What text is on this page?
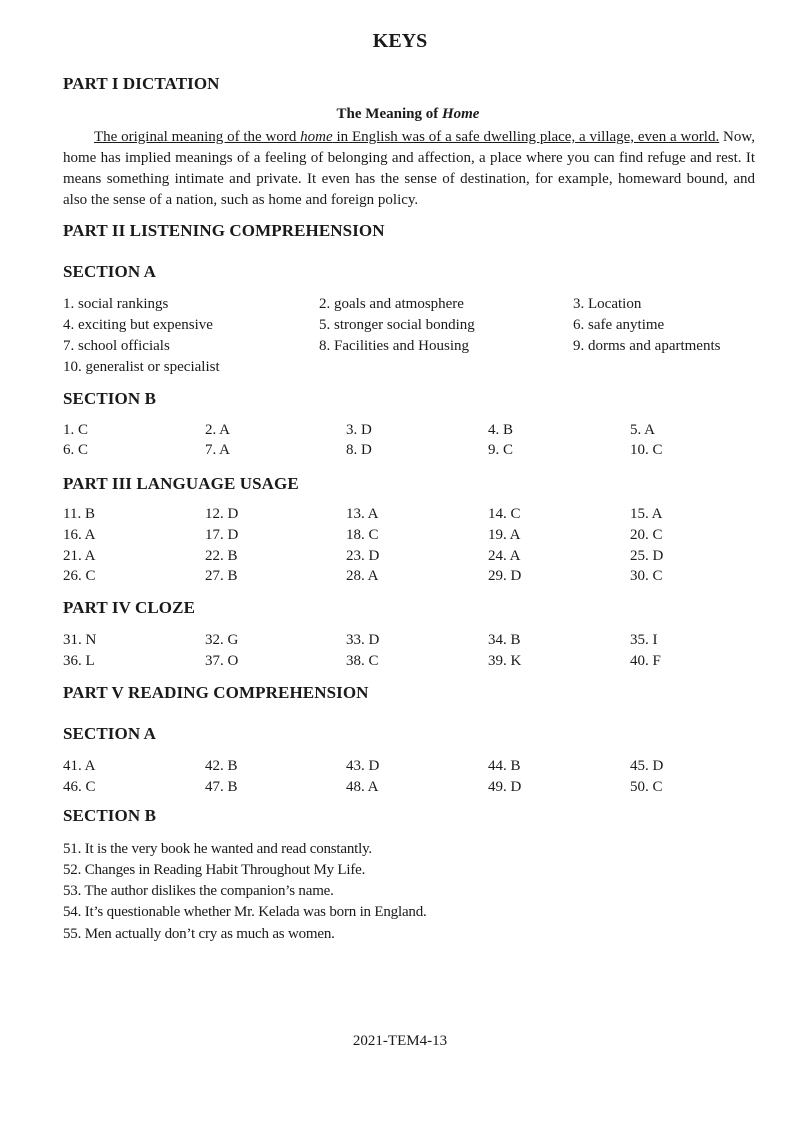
KEYS
PART I DICTATION
The Meaning of Home
The original meaning of the word home in English was of a safe dwelling place, a village, even a world. Now, home has implied meanings of a feeling of belonging and affection, a place where you can find refuge and rest. It means something intimate and private. It even has the sense of destination, for example, homeward bound, and also the sense of a nation, such as home and foreign policy.
PART II LISTENING COMPREHENSION
SECTION A
1. social rankings	2. goals and atmosphere	3. Location
4. exciting but expensive	5. stronger social bonding	6. safe anytime
7. school officials	8. Facilities and Housing	9. dorms and apartments
10. generalist or specialist
SECTION B
1. C	2. A	3. D	4. B	5. A
6. C	7. A	8. D	9. C	10. C
PART III LANGUAGE USAGE
11. B	12. D	13. A	14. C	15. A
16. A	17. D	18. C	19. A	20. C
21. A	22. B	23. D	24. A	25. D
26. C	27. B	28. A	29. D	30. C
PART IV CLOZE
31. N	32. G	33. D	34. B	35. I
36. L	37. O	38. C	39. K	40. F
PART V READING COMPREHENSION
SECTION A
41. A	42. B	43. D	44. B	45. D
46. C	47. B	48. A	49. D	50. C
SECTION B
51. It is the very book he wanted and read constantly.
52. Changes in Reading Habit Throughout My Life.
53. The author dislikes the companion’s name.
54. It’s questionable whether Mr. Kelada was born in England.
55. Men actually don’t cry as much as women.
2021-TEM4-13
